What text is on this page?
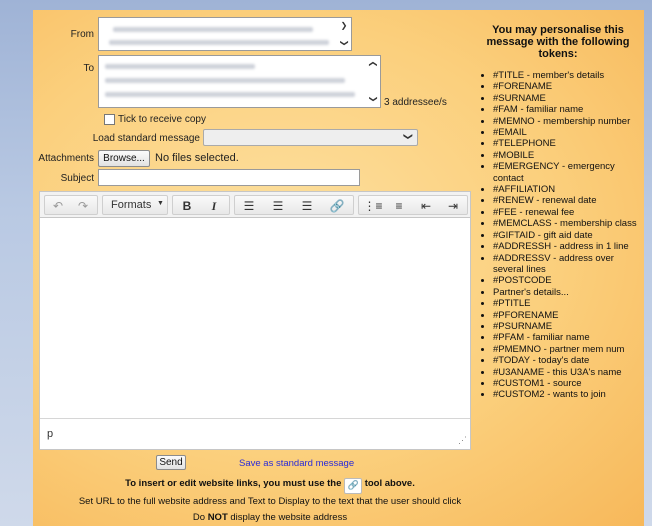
From
❯
❯
To	❯
❯ 3 addressee/s
Tick to receive copy
Load standard message	❯
Attachments Browse... No files selected.
Subject
↶	↷	Formats ▼	B	I	☰	☰	☰	🔗	⋮≡	≡	⇤	⇥
p	⋰
Send	Save as standard message
To insert or edit website links, you must use the 🔗 tool above.
Set URL to the full website address and Text to Display to the text that the user should click
Do NOT display the website address
You may personalise this message with the following tokens:
• #TITLE - member's details
• #FORENAME
• #SURNAME
• #FAM - familiar name
• #MEMNO - membership number
• #EMAIL
• #TELEPHONE
• #MOBILE
• #EMERGENCY - emergency contact
• #AFFILIATION
• #RENEW - renewal date
• #FEE - renewal fee
• #MEMCLASS - membership class
• #GIFTAID - gift aid date
• #ADDRESSH - address in 1 line
• #ADDRESSV - address over several lines
• #POSTCODE
• Partner's details...
• #PTITLE
• #PFORENAME
• #PSURNAME
• #PFAM - familiar name
• #PMEMNO - partner mem num
• #TODAY - today's date
• #U3ANAME - this U3A's name
• #CUSTOM1 - source
• #CUSTOM2 - wants to join
